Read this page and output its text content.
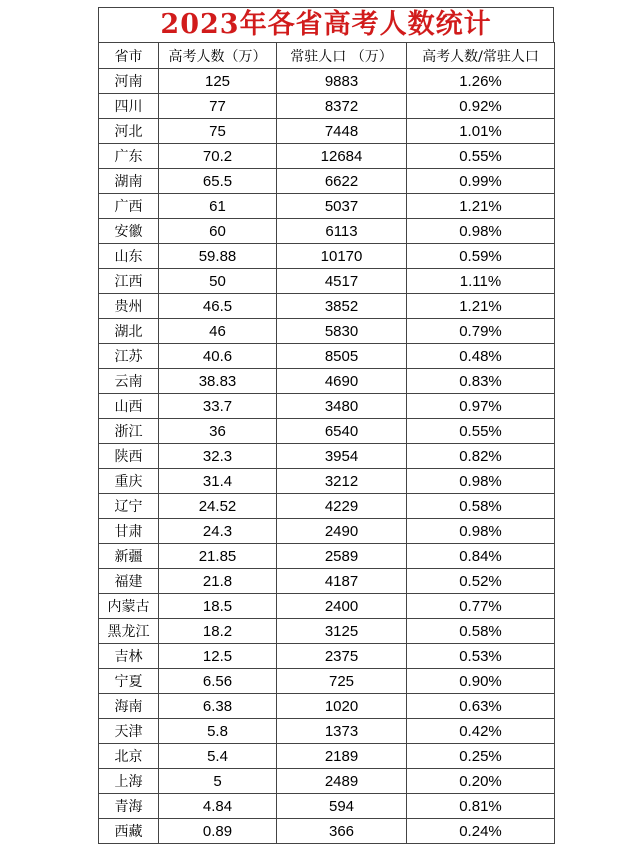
2023年各省高考人数统计
省市	高考人数（万）	常驻人口 （万）	高考人数/常驻人口
河南	125	9883	1.26%
四川	77	8372	0.92%
河北	75	7448	1.01%
广东	70.2	12684	0.55%
湖南	65.5	6622	0.99%
广西	61	5037	1.21%
安徽	60	6113	0.98%
山东	59.88	10170	0.59%
江西	50	4517	1.11%
贵州	46.5	3852	1.21%
湖北	46	5830	0.79%
江苏	40.6	8505	0.48%
云南	38.83	4690	0.83%
山西	33.7	3480	0.97%
浙江	36	6540	0.55%
陕西	32.3	3954	0.82%
重庆	31.4	3212	0.98%
辽宁	24.52	4229	0.58%
甘肃	24.3	2490	0.98%
新疆	21.85	2589	0.84%
福建	21.8	4187	0.52%
内蒙古	18.5	2400	0.77%
黑龙江	18.2	3125	0.58%
吉林	12.5	2375	0.53%
宁夏	6.56	725	0.90%
海南	6.38	1020	0.63%
天津	5.8	1373	0.42%
北京	5.4	2189	0.25%
上海	5	2489	0.20%
青海	4.84	594	0.81%
西藏	0.89	366	0.24%
